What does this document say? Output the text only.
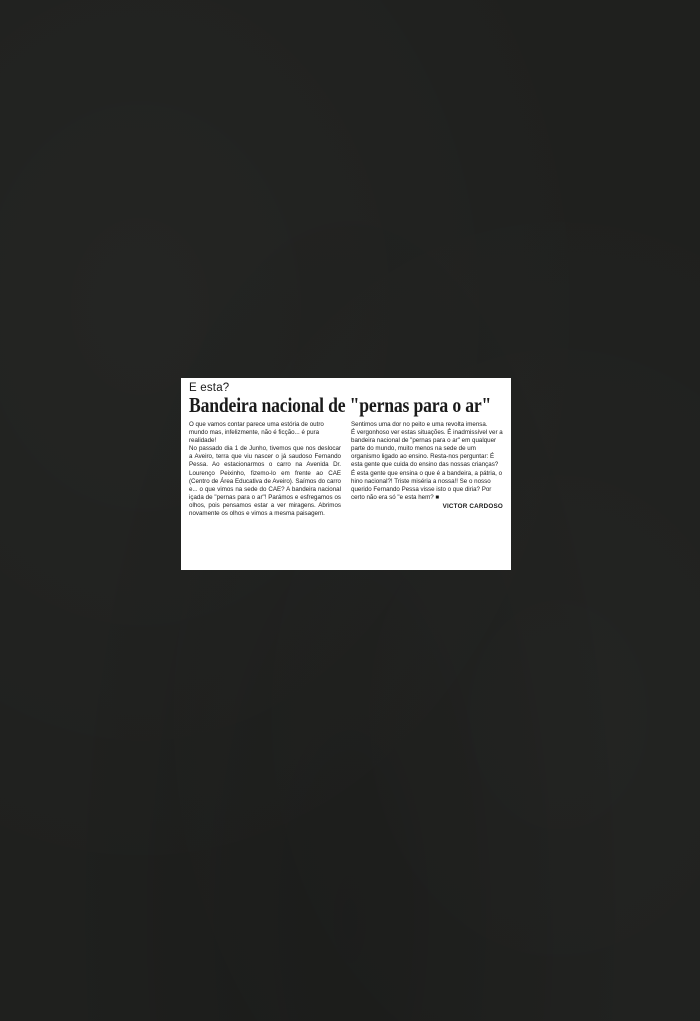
E esta?

Bandeira nacional de "pernas para o ar"

O que vamos contar parece uma estória de outro mundo mas, infelizmente, não é ficção... é pura realidade!

No passado dia 1 de Junho, tivemos que nos deslocar a Aveiro, terra que viu nascer o já saudoso Fernando Pessa. Ao estacionarmos o carro na Avenida Dr. Lourenço Peixinho, fizemo-lo em frente ao CAE (Centro de Área Educativa de Aveiro). Saímos do carro e... o que vimos na sede do CAE? A bandeira nacional içada de "pernas para o ar"! Parámos e esfregamos os olhos, pois pensamos estar a ver miragens. Abrimos novamente os olhos e vimos a mesma paisagem.

Sentimos uma dor no peito e uma revolta imensa.

É vergonhoso ver estas situações. É inadmissível ver a bandeira nacional de "pernas para o ar" em qualquer parte do mundo, muito menos na sede de um organismo ligado ao ensino. Resta-nos perguntar: É esta gente que cuida do ensino das nossas crianças? É esta gente que ensina o que é a bandeira, a pátria, o hino nacional?! Triste miséria a nossa!! Se o nosso querido Fernando Pessa visse isto o que diria? Por certo não era só "e esta hem? ■

VICTOR CARDOSO
